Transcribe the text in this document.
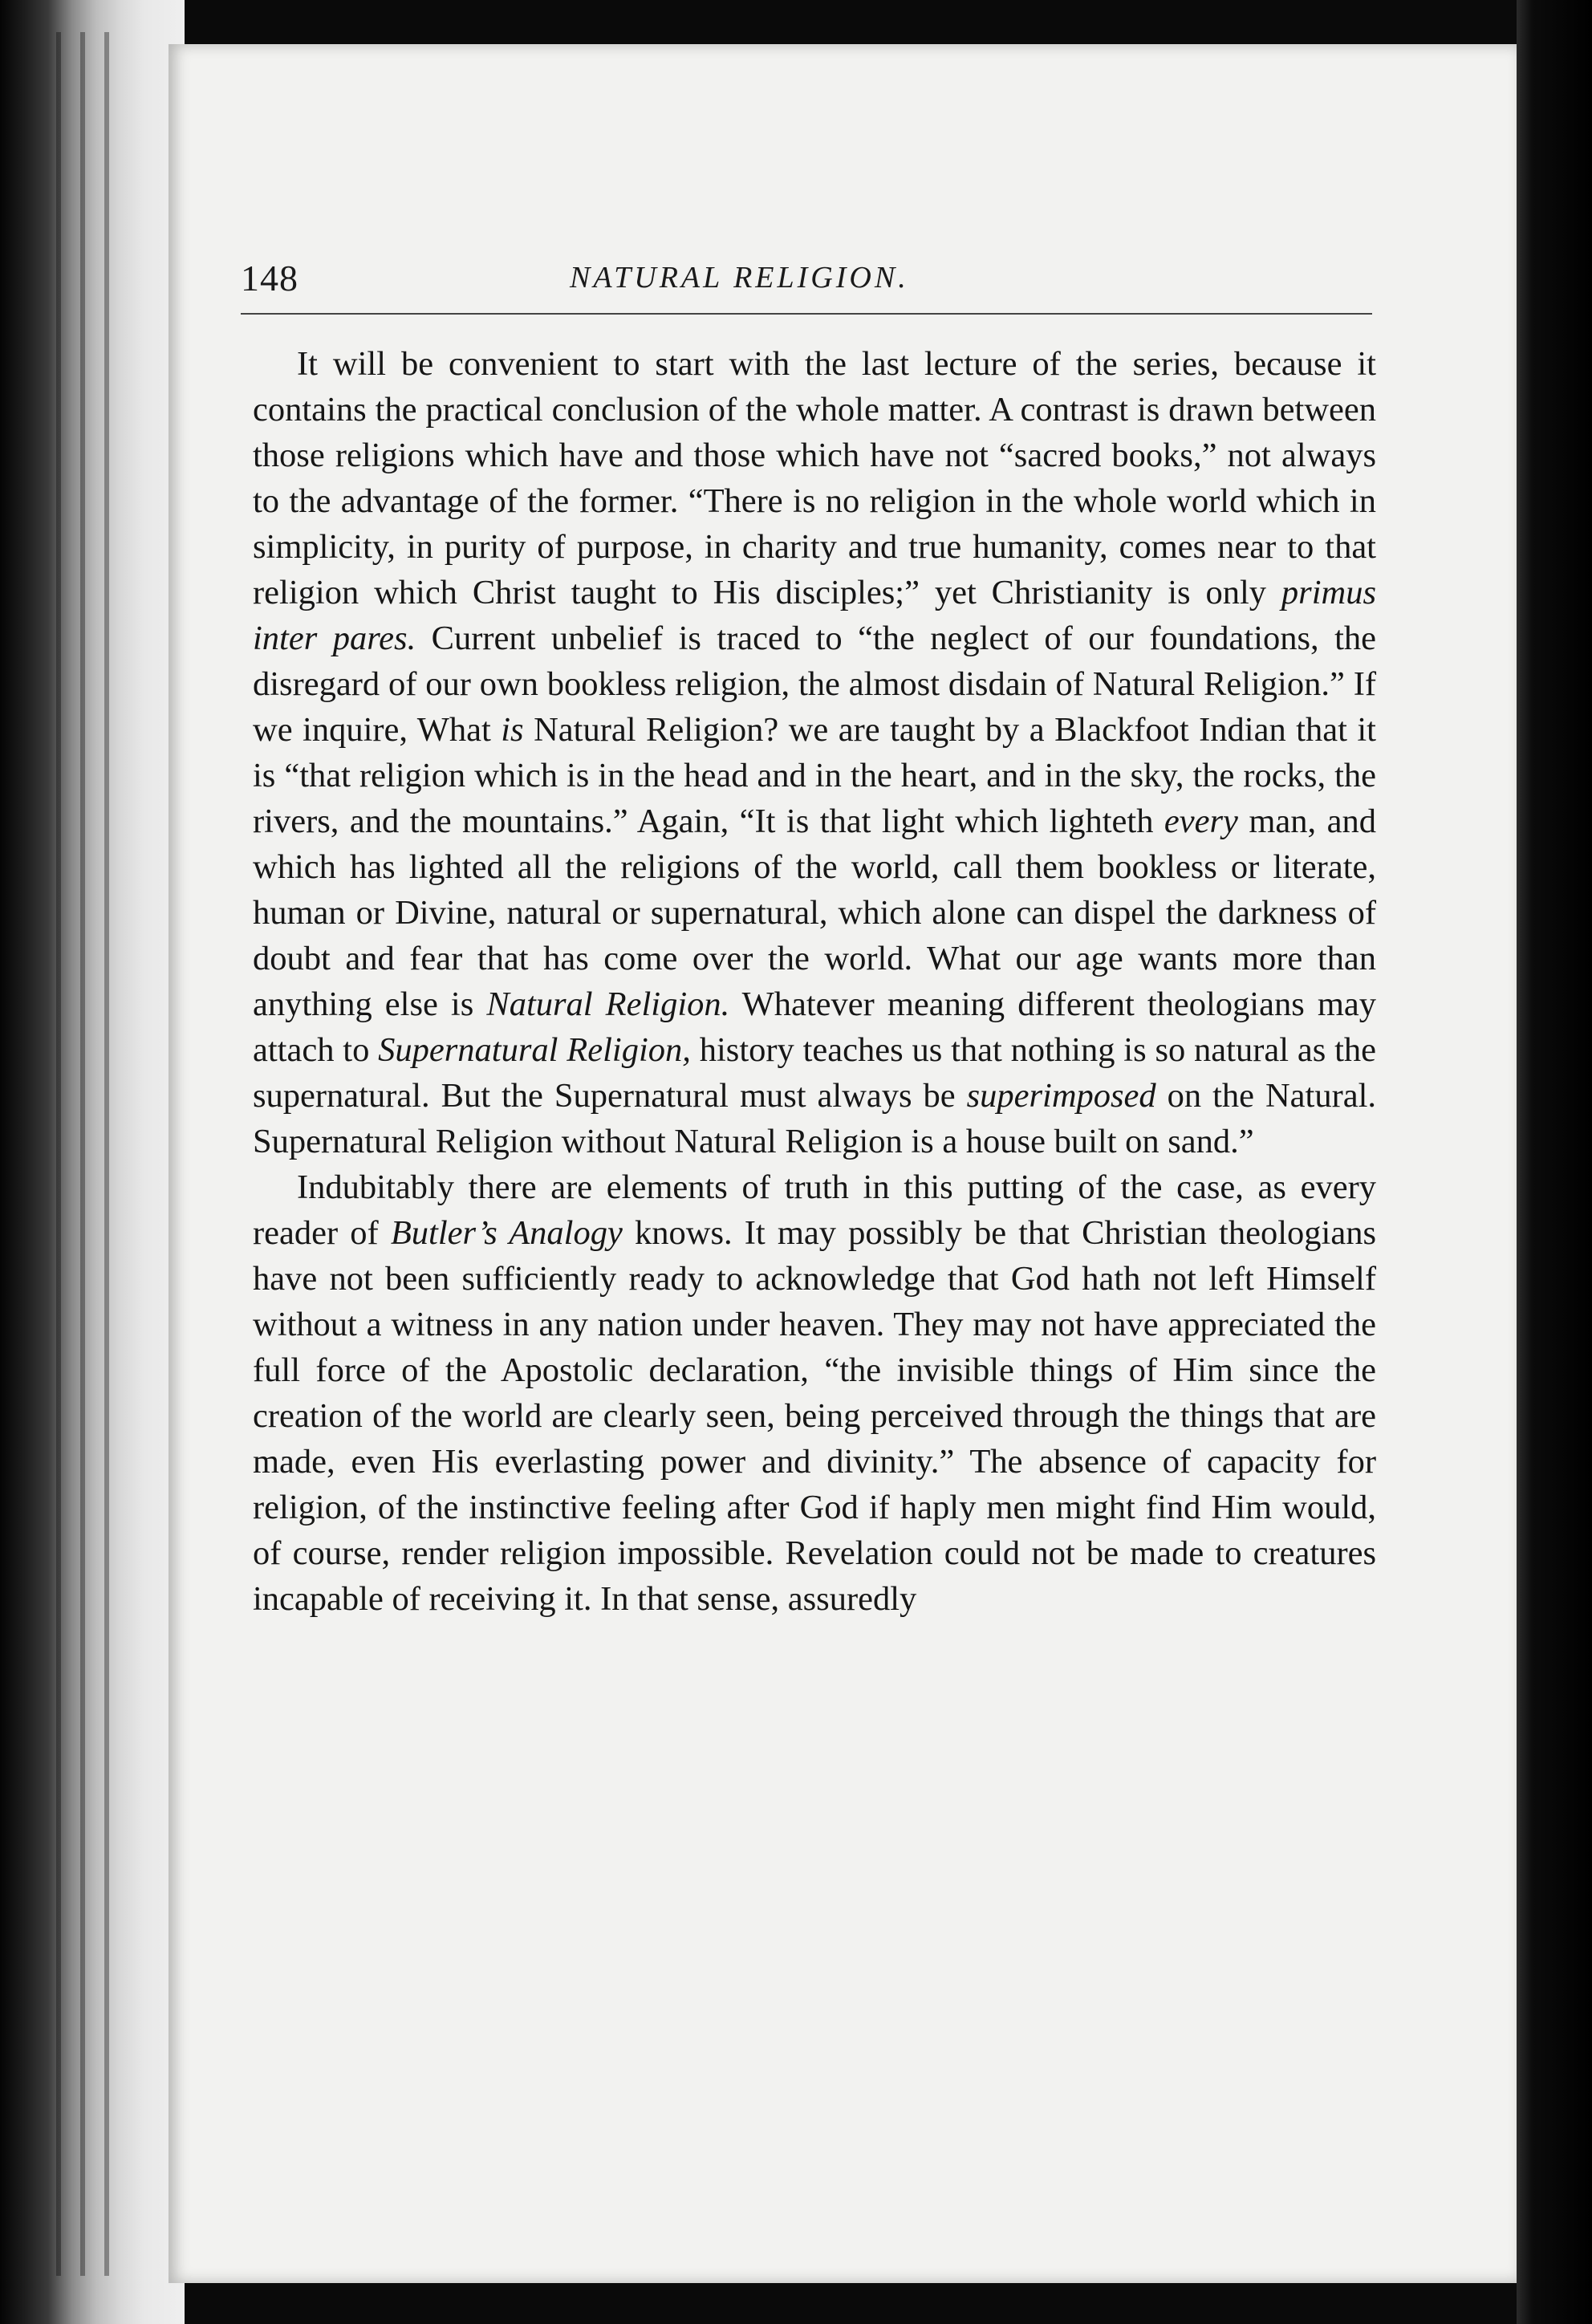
148	NATURAL RELIGION.

It will be convenient to start with the last lecture of the series, because it contains the practical conclusion of the whole matter. A contrast is drawn between those religions which have and those which have not “sacred books,” not always to the advantage of the former. “There is no religion in the whole world which in simplicity, in purity of purpose, in charity and true humanity, comes near to that religion which Christ taught to His disciples;” yet Christianity is only primus inter pares. Current unbelief is traced to “the neglect of our foundations, the disregard of our own bookless religion, the almost disdain of Natural Religion.” If we inquire, What is Natural Religion? we are taught by a Blackfoot Indian that it is “that religion which is in the head and in the heart, and in the sky, the rocks, the rivers, and the mountains.” Again, “It is that light which lighteth every man, and which has lighted all the religions of the world, call them bookless or literate, human or Divine, natural or supernatural, which alone can dispel the darkness of doubt and fear that has come over the world. What our age wants more than anything else is Natural Religion. Whatever meaning different theologians may attach to Supernatural Religion, history teaches us that nothing is so natural as the supernatural. But the Supernatural must always be superimposed on the Natural. Supernatural Religion without Natural Religion is a house built on sand.”

Indubitably there are elements of truth in this putting of the case, as every reader of Butler’s Analogy knows. It may possibly be that Christian theologians have not been sufficiently ready to acknowledge that God hath not left Himself without a witness in any nation under heaven. They may not have appreciated the full force of the Apostolic declaration, “the invisible things of Him since the creation of the world are clearly seen, being perceived through the things that are made, even His everlasting power and divinity.” The absence of capacity for religion, of the instinctive feeling after God if haply men might find Him would, of course, render religion impossible. Revelation could not be made to creatures incapable of receiving it. In that sense, assuredly
